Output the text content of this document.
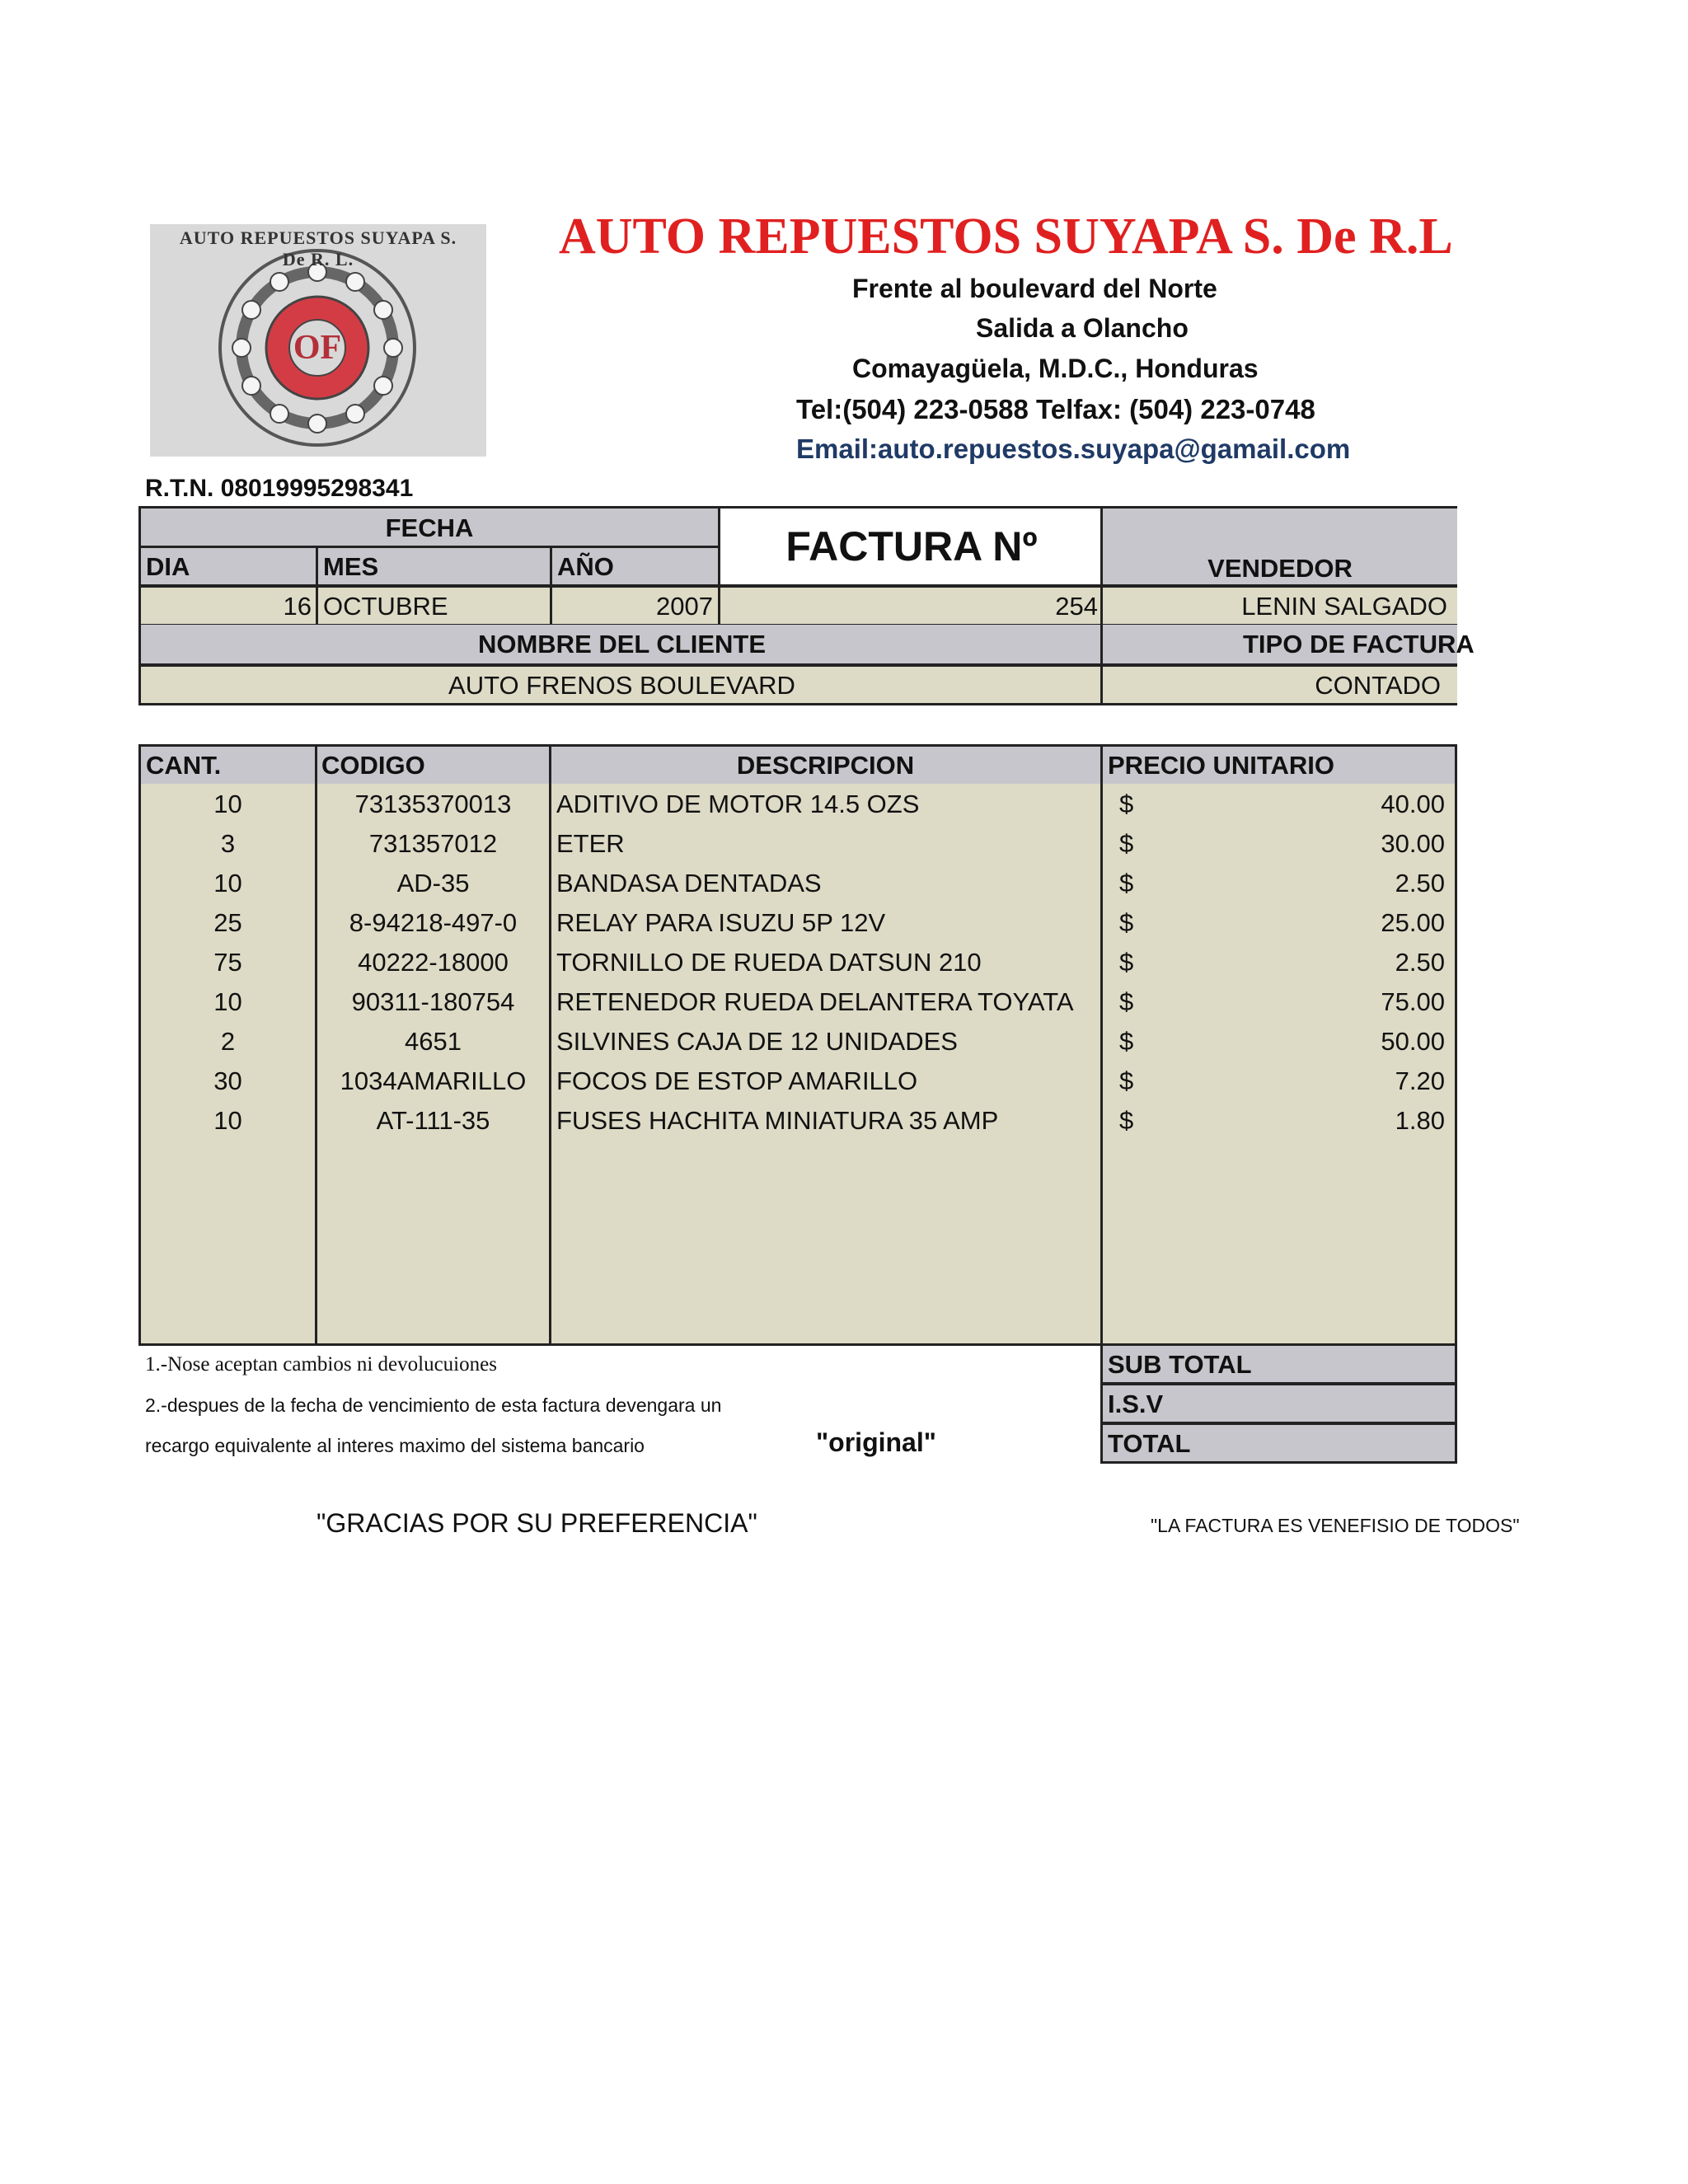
AUTO REPUESTOS SUYAPA S. De R. L.
OF
AUTO REPUESTOS SUYAPA S. De R.L
Frente al boulevard del Norte
Salida a Olancho
Comayagüela, M.D.C., Honduras
Tel:(504) 223-0588 Telfax: (504) 223-0748
Email:auto.repuestos.suyapa@gamail.com
R.T.N. 08019995298341
FECHA
DIA	MES	AÑO	FACTURA Nº	VENDEDOR
16 OCTUBRE	2007	254	LENIN SALGADO
NOMBRE DEL CLIENTE	TIPO DE FACTURA
AUTO FRENOS BOULEVARD	CONTADO
CANT.	CODIGO	DESCRIPCION	PRECIO UNITARIO
10	73135370013	ADITIVO DE MOTOR 14.5 OZS	$	40.00
3	731357012	ETER	$	30.00
10	AD-35	BANDASA DENTADAS	$	2.50
25	8-94218-497-0	RELAY PARA ISUZU 5P 12V	$	25.00
75	40222-18000	TORNILLO DE RUEDA DATSUN 210	$	2.50
10	90311-180754	RETENEDOR RUEDA DELANTERA TOYATA	$	75.00
2	4651	SILVINES CAJA DE 12 UNIDADES	$	50.00
30	1034AMARILLO	FOCOS DE ESTOP AMARILLO	$	7.20
10	AT-111-35	FUSES HACHITA MINIATURA 35 AMP	$	1.80
1.-Nose aceptan cambios ni devolucuiones
2.-despues de la fecha de vencimiento de esta factura devengara un
recargo equivalente al interes maximo del sistema bancario	"original"
SUB TOTAL
I.S.V
TOTAL
"GRACIAS POR SU PREFERENCIA"	"LA FACTURA ES VENEFISIO DE TODOS"
